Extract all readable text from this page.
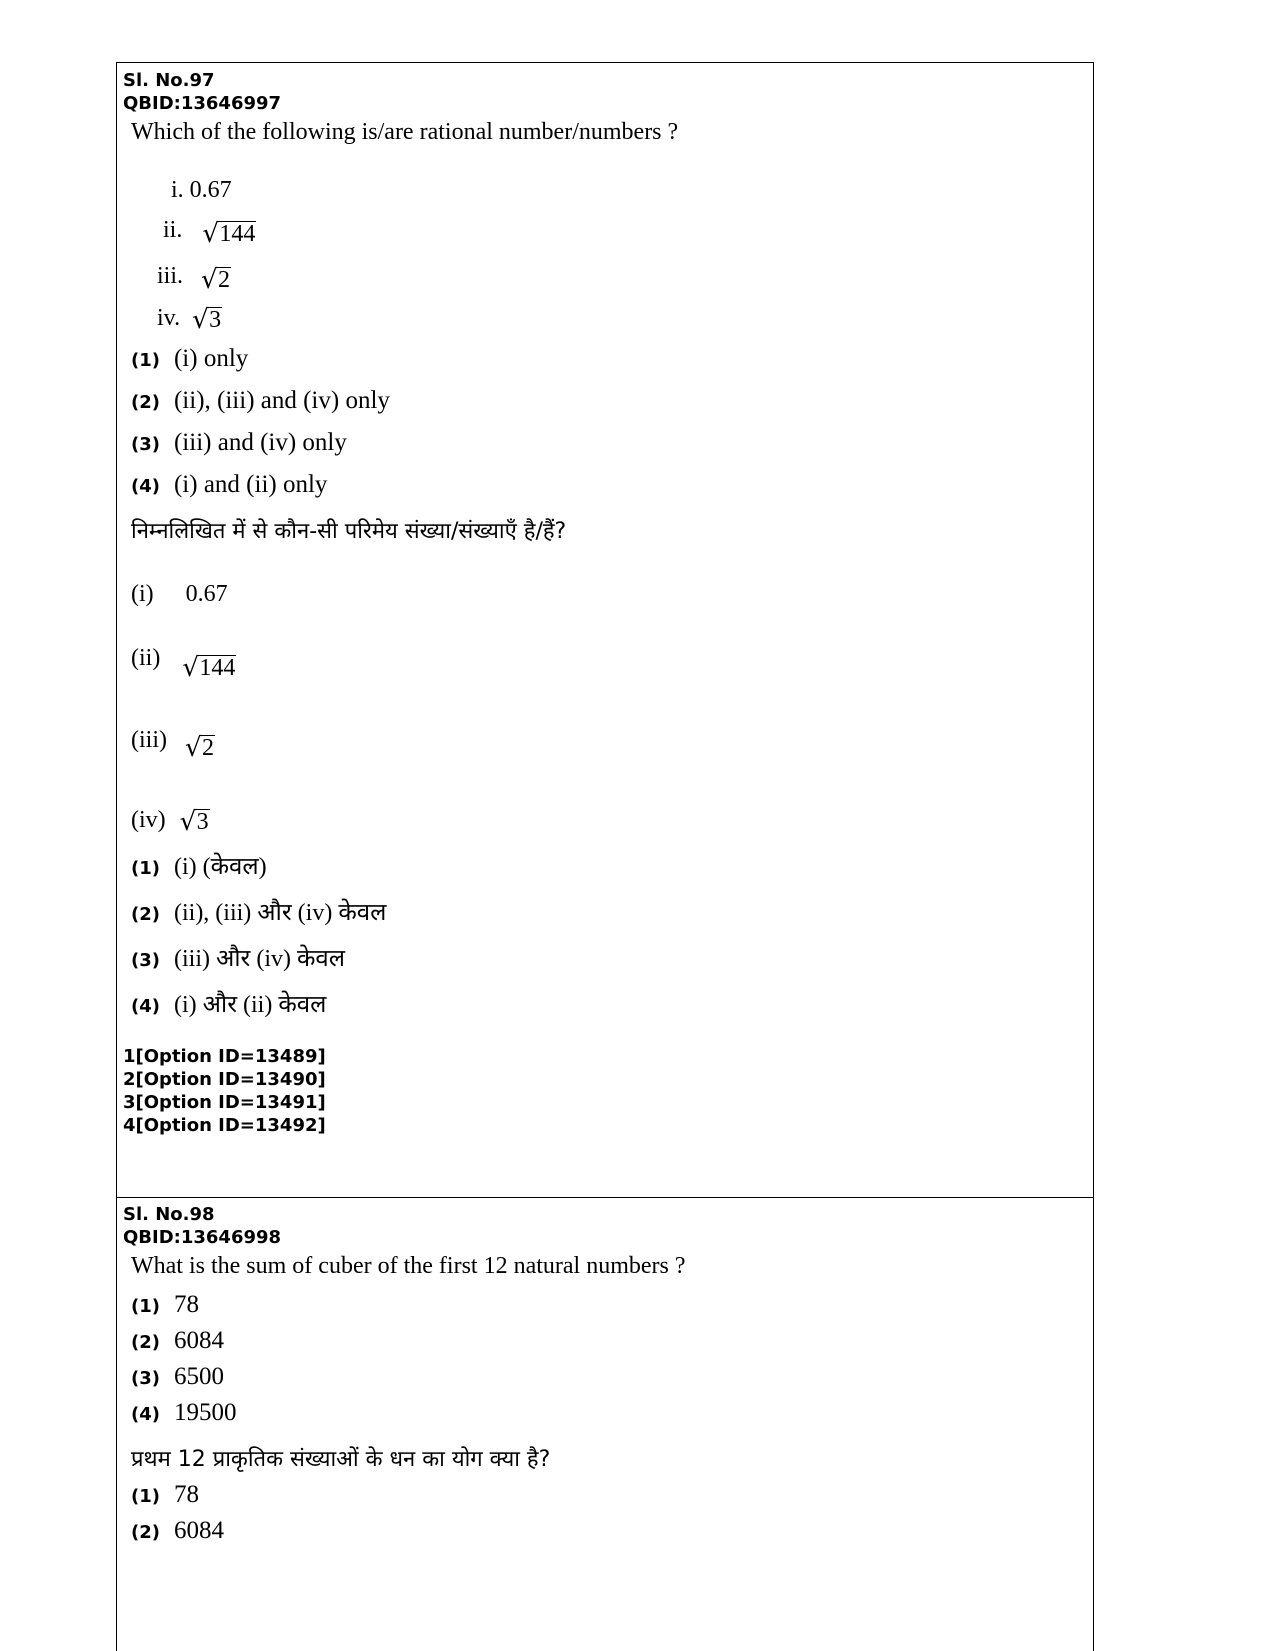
Sl. No.97
QBID:13646997
Which of the following is/are rational number/numbers ?
i. 0.67
ii. √ 144
iii. √ 2
iv. √ 3
(1) (i) only
(2) (ii), (iii) and (iv) only
(3) (iii) and (iv) only
(4) (i) and (ii) only
निम्नलिखित में से कौन-सी परिमेय संख्या/संख्याएँ है/हैं?
(i) 0.67
(ii) √ 144
(iii) √ 2
(iv) √ 3
(1) (i) (केवल)
(2) (ii), (iii) और (iv) केवल
(3) (iii) और (iv) केवल
(4) (i) और (ii) केवल
1[Option ID=13489]
2[Option ID=13490]
3[Option ID=13491]
4[Option ID=13492]
Sl. No.98
QBID:13646998
What is the sum of cuber of the first 12 natural numbers ?
(1) 78
(2) 6084
(3) 6500
(4) 19500
प्रथम 12 प्राकृतिक संख्याओं के धन का योग क्या है?
(1) 78
(2) 6084
